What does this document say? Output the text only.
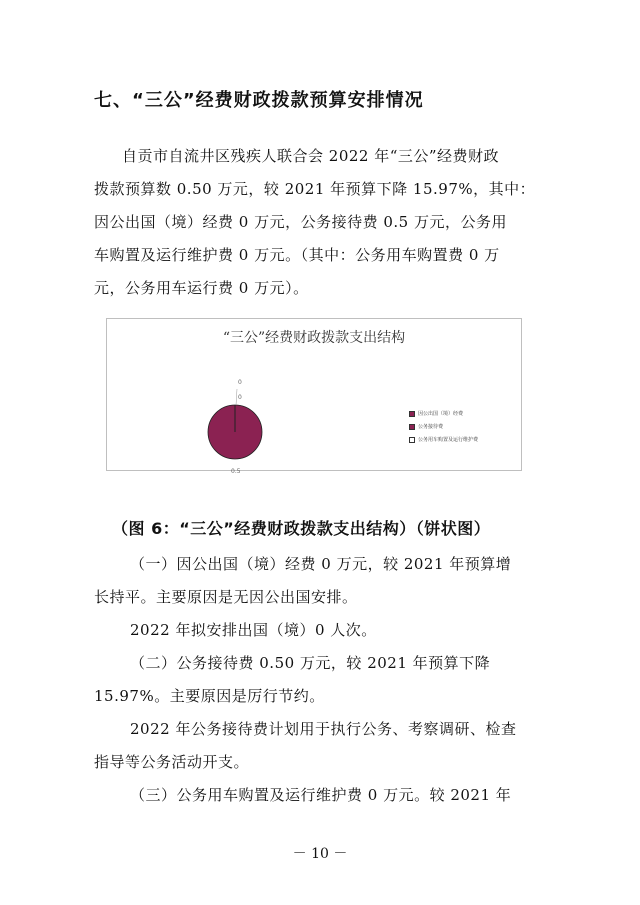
七、“三公”经费财政拨款预算安排情况
自贡市自流井区残疾人联合会 2022 年“三公”经费财政
拨款预算数 0.50 万元，较 2021 年预算下降 15.97%，其中：
因公出国（境）经费 0 万元，公务接待费 0.5 万元，公务用
车购置及运行维护费 0 万元。（其中：公务用车购置费 0 万
元，公务用车运行费 0 万元）。
“三公”经费财政拨款支出结构
0
0
0.5
因公出国（境）经费
公务接待费
公务用车购置及运行维护费
（图 6：“三公”经费财政拨款支出结构）（饼状图）
（一）因公出国（境）经费 0 万元，较 2021 年预算增
长持平。主要原因是无因公出国安排。
2022 年拟安排出国（境）0 人次。
（二）公务接待费 0.50 万元，较 2021 年预算下降
15.97%。主要原因是厉行节约。
2022 年公务接待费计划用于执行公务、考察调研、检查
指导等公务活动开支。
（三）公务用车购置及运行维护费 0 万元。较 2021 年
－ 10 －
